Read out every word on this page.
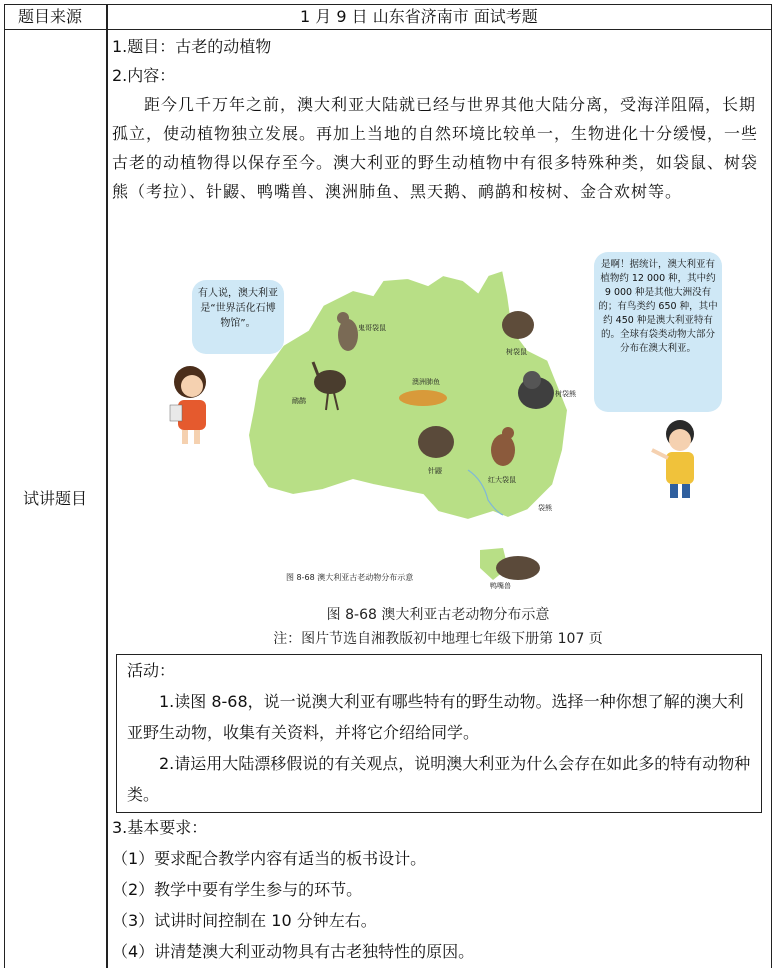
题目来源	1 月 9 日 山东省济南市 面试考题
试讲题目
1.题目：古老的动植物
2.内容：
距今几千万年之前，澳大利亚大陆就已经与世界其他大陆分离，受海洋阻隔，长期孤立，使动植物独立发展。再加上当地的自然环境比较单一，生物进化十分缓慢，一些古老的动植物得以保存至今。澳大利亚的野生动植物中有很多特殊种类，如袋鼠、树袋熊（考拉）、针鼹、鸭嘴兽、澳洲肺鱼、黑天鹅、鸸鹋和桉树、金合欢树等。
鬼哥袋鼠
树袋鼠
澳洲肺鱼
鸸鹋
树袋熊
针鼹
红大袋鼠
袋熊
鸭嘴兽
图 8-68 澳大利亚古老动物分布示意
有人说，澳大利亚是“世界活化石博物馆”。
是啊！据统计，澳大利亚有植物约 12 000 种，其中约 9 000 种是其他大洲没有的；有鸟类约 650 种，其中约 450 种是澳大利亚特有的。全球有袋类动物大部分分布在澳大利亚。
图 8-68 澳大利亚古老动物分布示意
注：图片节选自湘教版初中地理七年级下册第 107 页
活动：
1.读图 8-68，说一说澳大利亚有哪些特有的野生动物。选择一种你想了解的澳大利亚野生动物，收集有关资料，并将它介绍给同学。
2.请运用大陆漂移假说的有关观点，说明澳大利亚为什么会存在如此多的特有动物种类。
3.基本要求：
（1）要求配合教学内容有适当的板书设计。
（2）教学中要有学生参与的环节。
（3）试讲时间控制在 10 分钟左右。
（4）讲清楚澳大利亚动物具有古老独特性的原因。
